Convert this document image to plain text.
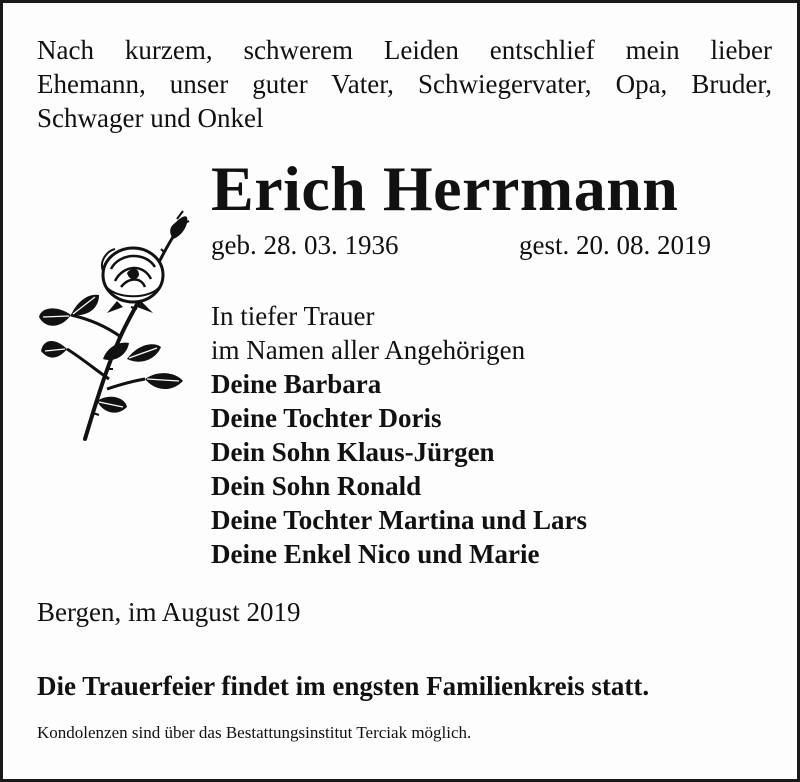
Nach kurzem, schwerem Leiden entschlief mein lieber
Ehemann, unser guter Vater, Schwiegervater, Opa, Bruder,
Schwager und Onkel
Erich Herrmann
geb. 28. 03. 1936	gest. 20. 08. 2019
In tiefer Trauer
im Namen aller Angehörigen
Deine Barbara
Deine Tochter Doris
Dein Sohn Klaus-Jürgen
Dein Sohn Ronald
Deine Tochter Martina und Lars
Deine Enkel Nico und Marie
Bergen, im August 2019
Die Trauerfeier findet im engsten Familienkreis statt.
Kondolenzen sind über das Bestattungsinstitut Terciak möglich.
